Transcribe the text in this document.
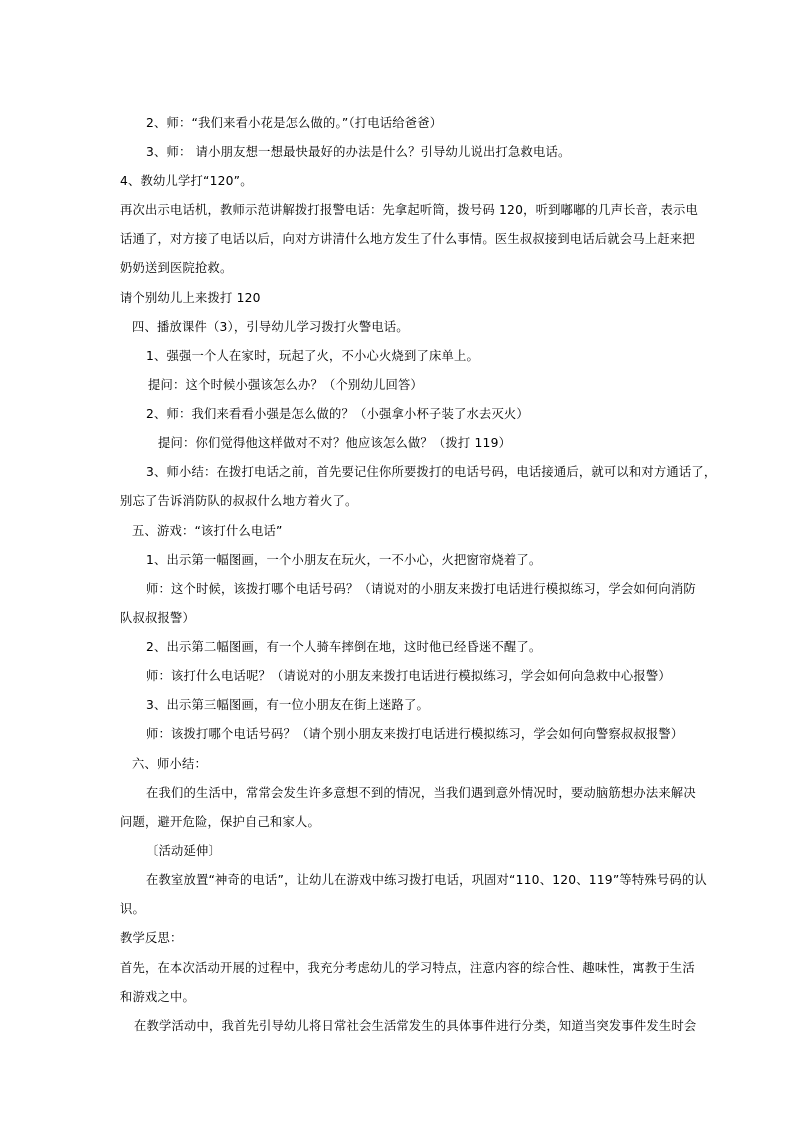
2、师：“我们来看小花是怎么做的。”（打电话给爸爸）

3、师： 请小朋友想一想最快最好的办法是什么？引导幼儿说出打急救电话。

4、教幼儿学打“120”。

再次出示电话机，教师示范讲解拨打报警电话：先拿起听筒，拨号码 120，听到嘟嘟的几声长音，表示电

话通了，对方接了电话以后，向对方讲清什么地方发生了什么事情。医生叔叔接到电话后就会马上赶来把

奶奶送到医院抢救。

请个别幼儿上来拨打 120

四、播放课件（3），引导幼儿学习拨打火警电话。

1、强强一个人在家时，玩起了火，不小心火烧到了床单上。

提问：这个时候小强该怎么办？（个别幼儿回答）

2、师：我们来看看小强是怎么做的？（小强拿小杯子装了水去灭火）

提问：你们觉得他这样做对不对？他应该怎么做？（拨打 119）

3、师小结：在拨打电话之前，首先要记住你所要拨打的电话号码，电话接通后，就可以和对方通话了，

别忘了告诉消防队的叔叔什么地方着火了。

五、游戏：“该打什么电话”

1、出示第一幅图画，一个小朋友在玩火，一不小心，火把窗帘烧着了。

师：这个时候，该拨打哪个电话号码？（请说对的小朋友来拨打电话进行模拟练习，学会如何向消防

队叔叔报警）

2、出示第二幅图画，有一个人骑车摔倒在地，这时他已经昏迷不醒了。

师：该打什么电话呢？（请说对的小朋友来拨打电话进行模拟练习，学会如何向急救中心报警）

3、出示第三幅图画，有一位小朋友在街上迷路了。

师：该拨打哪个电话号码？（请个别小朋友来拨打电话进行模拟练习，学会如何向警察叔叔报警）

六、师小结：

在我们的生活中，常常会发生许多意想不到的情况，当我们遇到意外情况时，要动脑筋想办法来解决

问题，避开危险，保护自己和家人。

〔活动延伸〕

在教室放置“神奇的电话”，让幼儿在游戏中练习拨打电话，巩固对“110、120、119”等特殊号码的认

识。

教学反思：

首先，在本次活动开展的过程中，我充分考虑幼儿的学习特点，注意内容的综合性、趣味性，寓教于生活

和游戏之中。

在教学活动中，我首先引导幼儿将日常社会生活常发生的具体事件进行分类，知道当突发事件发生时会
